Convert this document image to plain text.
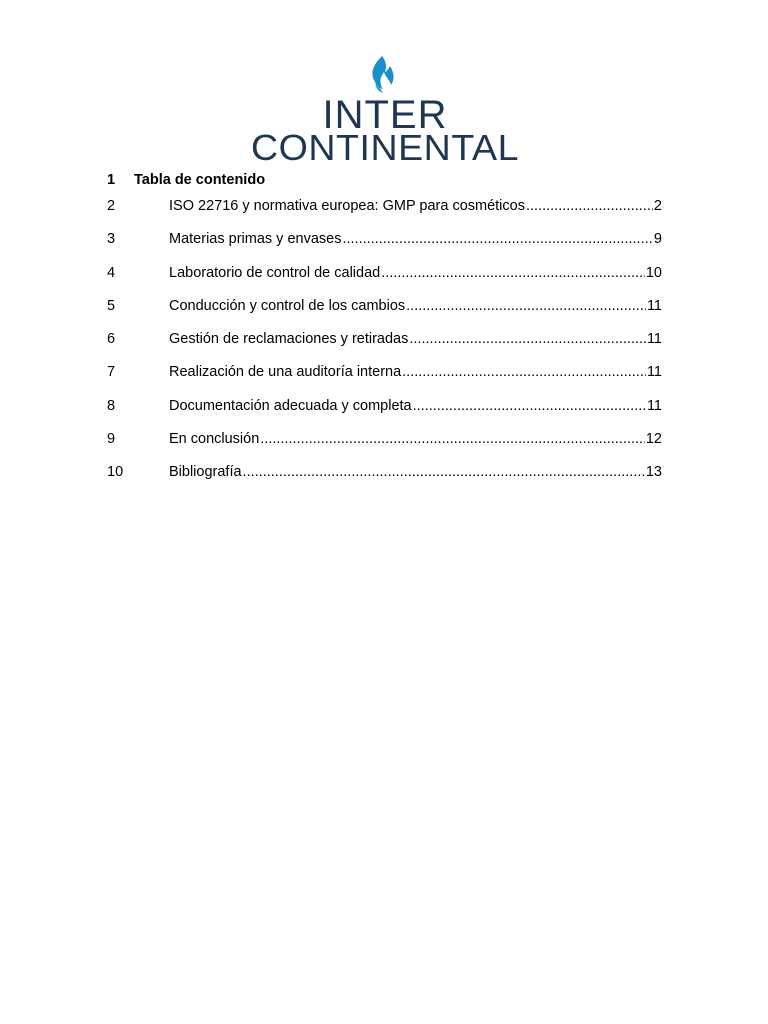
INTER
CONTINENTAL
1	Tabla de contenido
2	ISO 22716 y normativa europea: GMP para cosméticos .....	2
3	Materias primas y envases .....	9
4	Laboratorio de control de calidad .....	10
5	Conducción y control de los cambios .....	11
6	Gestión de reclamaciones y retiradas .....	11
7	Realización de una auditoría interna .....	11
8	Documentación adecuada y completa .....	11
9	En conclusión .....	12
10	Bibliografía .....	13
